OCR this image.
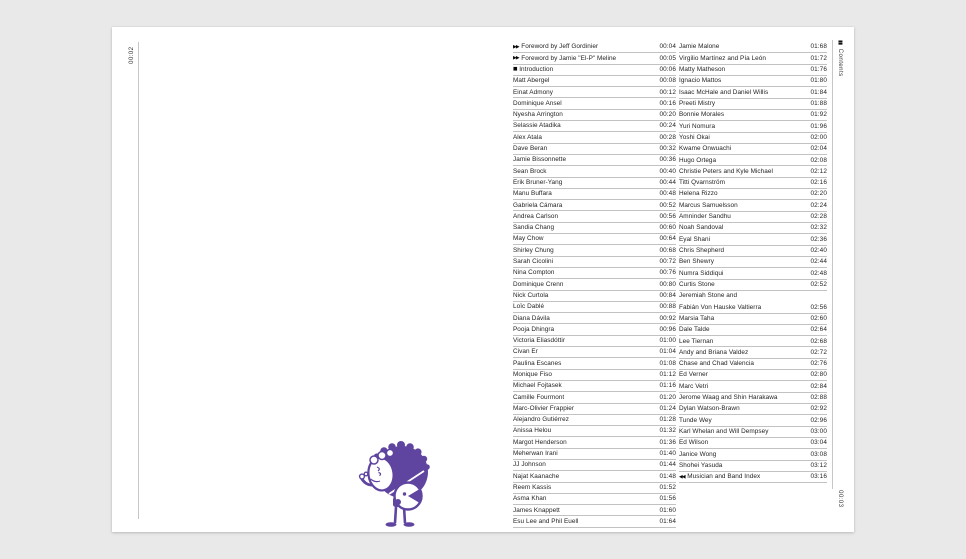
00:02	▶▶ Foreword by Jeff Gordinier	00:04
▶▶ Foreword by Jamie "El-P" Meline	00:05
■ Introduction	00:06
Matt Abergel	00:08
Einat Admony	00:12
Dominique Ansel	00:16
Nyesha Arrington	00:20
Selassie Atadika	00:24
Alex Atala	00:28
Dave Beran	00:32
Jamie Bissonnette	00:36
Sean Brock	00:40
Erik Bruner-Yang	00:44
Manu Buffara	00:48
Gabriela Cámara	00:52
Andrea Carlson	00:56
Sandia Chang	00:60
May Chow	00:64
Shirley Chung	00:68
Sarah Cicolini	00:72
Nina Compton	00:76
Dominique Crenn	00:80
Nick Curtola	00:84
Loïc Dablé	00:88
Diana Dávila	00:92
Pooja Dhingra	00:96
Victoria Eliasdóttir	01:00
Civan Er	01:04
Paulina Escanes	01:08
Monique Fiso	01:12
Michael Fojtasek	01:16
Camille Fourmont	01:20
Marc-Olivier Frappier	01:24
Alejandro Gutiérrez	01:28
Anissa Helou	01:32
Margot Henderson	01:36
Meherwan Irani	01:40
JJ Johnson	01:44
Najat Kaanache	01:48
Reem Kassis	01:52
Asma Khan	01:56
James Knappett	01:60
Esu Lee and Phil Euell	01:64
Jamie Malone	01:68
Virgilio Martínez and Pía León	01:72
Matty Matheson	01:76
Ignacio Mattos	01:80
Isaac McHale and Daniel Willis	01:84
Preeti Mistry	01:88
Bonnie Morales	01:92
Yuri Nomura	01:96
Yoshi Okai	02:00
Kwame Onwuachi	02:04
Hugo Ortega	02:08
Christie Peters and Kyle Michael	02:12
Titti Qvarnström	02:16
Helena Rizzo	02:20
Marcus Samuelsson	02:24
Amninder Sandhu	02:28
Noah Sandoval	02:32
Eyal Shani	02:36
Chris Shepherd	02:40
Ben Shewry	02:44
Numra Siddiqui	02:48
Curtis Stone	02:52
Jeremiah Stone and
Fabián Von Hauske Valtierra	02:56
Marsia Taha	02:60
Dale Talde	02:64
Lee Tiernan	02:68
Andy and Briana Valdez	02:72
Chase and Chad Valencia	02:76
Ed Verner	02:80
Marc Vetri	02:84
Jerome Waag and Shin Harakawa	02:88
Dylan Watson-Brawn	02:92
Tunde Wey	02:96
Karl Whelan and Will Dempsey	03:00
Ed Wilson	03:04
Janice Wong	03:08
Shohei Yasuda	03:12
◀◀ Musician and Band Index	03:16
▮▮ Contents
00:03
